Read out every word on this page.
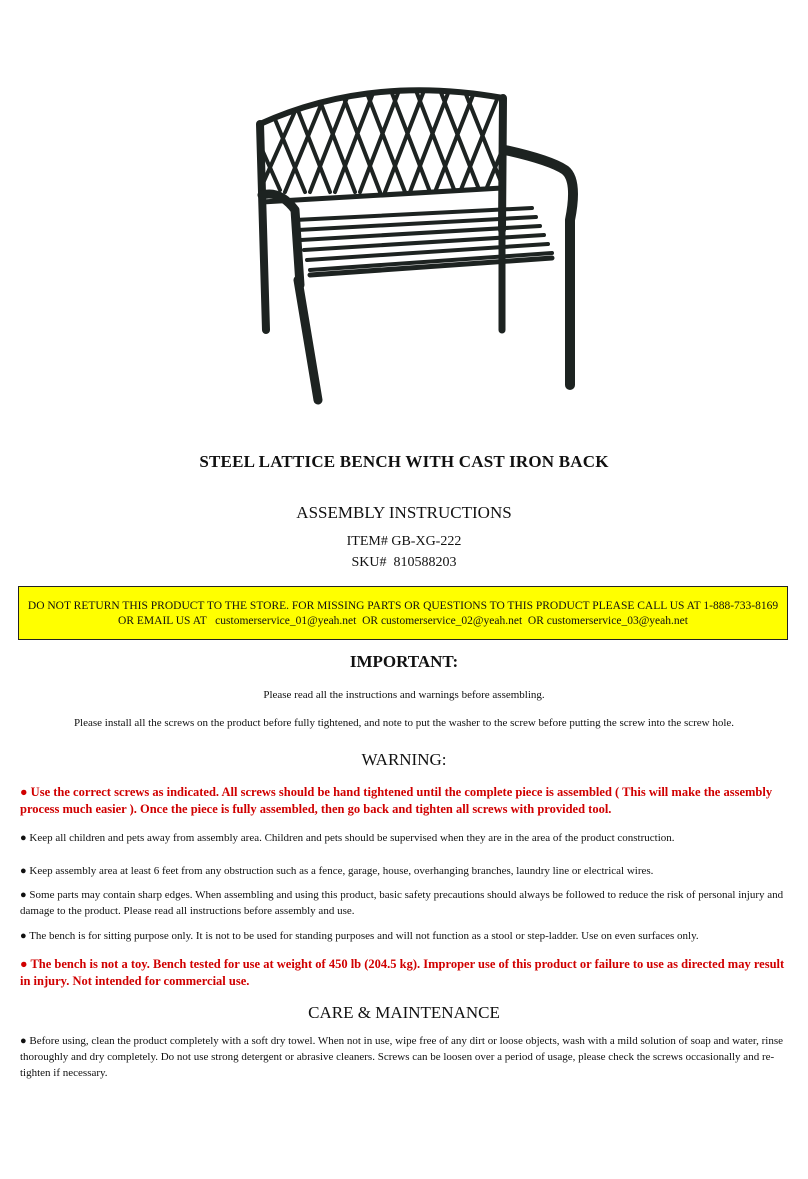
STEEL LATTICE BENCH WITH CAST IRON BACK
ASSEMBLY INSTRUCTIONS
ITEM# GB-XG-222
SKU#  810588203
DO NOT RETURN THIS PRODUCT TO THE STORE. FOR MISSING PARTS OR QUESTIONS TO THIS PRODUCT PLEASE CALL US AT 1-888-733-8169
OR EMAIL US AT   customerservice_01@yeah.net  OR customerservice_02@yeah.net  OR customerservice_03@yeah.net
IMPORTANT:
Please read all the instructions and warnings before assembling.
Please install all the screws on the product before fully tightened, and note to put the washer to the screw before putting the screw into the screw hole.
WARNING:
● Use the correct screws as indicated. All screws should be hand tightened until the complete piece is assembled ( This will make the assembly process much easier ). Once the piece is fully assembled, then go back and tighten all screws with provided tool.
● Keep all children and pets away from assembly area. Children and pets should be supervised when they are in the area of the product construction.
● Keep assembly area at least 6 feet from any obstruction such as a fence, garage, house, overhanging branches, laundry line or electrical wires.
● Some parts may contain sharp edges. When assembling and using this product, basic safety precautions should always be followed to reduce the risk of personal injury and damage to the product. Please read all instructions before assembly and use.
● The bench is for sitting purpose only. It is not to be used for standing purposes and will not function as a stool or step-ladder. Use on even surfaces only.
● The bench is not a toy. Bench tested for use at weight of 450 lb (204.5 kg). Improper use of this product or failure to use as directed may result in injury. Not intended for commercial use.
CARE & MAINTENANCE
● Before using, clean the product completely with a soft dry towel. When not in use, wipe free of any dirt or loose objects, wash with a mild solution of soap and water, rinse thoroughly and dry completely. Do not use strong detergent or abrasive cleaners. Screws can be loosen over a period of usage, please check the screws occasionally and re-tighten if necessary.
